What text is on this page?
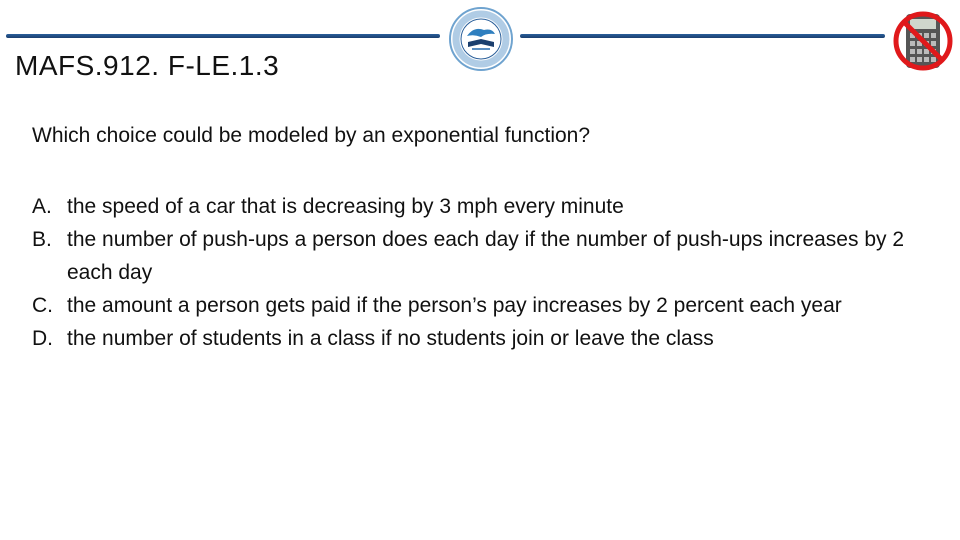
MAFS.912. F-LE.1.3
Which choice could be modeled by an exponential function?
A. the speed of a car that is decreasing by 3 mph every minute
B. the number of push-ups a person does each day if the number of push-ups increases by 2 each day
C. the amount a person gets paid if the person’s pay increases by 2 percent each year
D. the number of students in a class if no students join or leave the class
